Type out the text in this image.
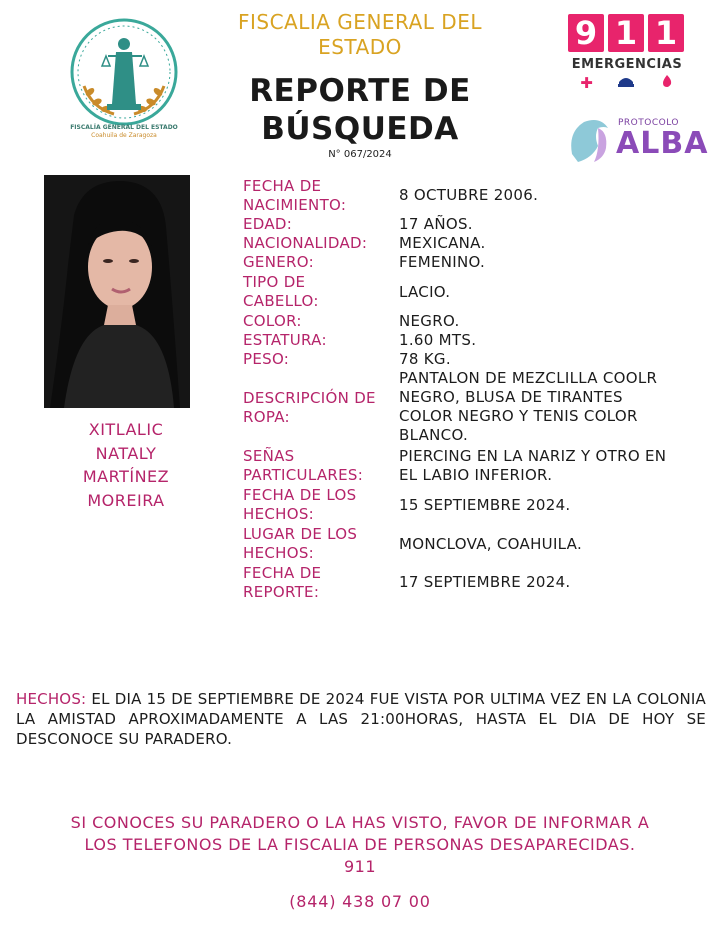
FISCALÍA GENERAL DEL ESTADO
Coahuila de Zaragoza
FISCALIA GENERAL DEL
ESTADO
REPORTE DE
BÚSQUEDA
N° 067/2024
9 1 1
EMERGENCIAS
✚
PROTOCOLO
ALBA
XITLALIC
NATALY
MARTÍNEZ
MOREIRA
FECHA DE
NACIMIENTO:
8 OCTUBRE 2006.
EDAD:	17 AÑOS.
NACIONALIDAD:	MEXICANA.
GENERO:	FEMENINO.
TIPO DE
CABELLO:	LACIO.
COLOR:	NEGRO.
ESTATURA:	1.60 MTS.
PESO:	78 KG.
DESCRIPCIÓN DE
ROPA:
PANTALON DE MEZCLILLA COOLR
NEGRO, BLUSA DE TIRANTES
COLOR NEGRO Y TENIS COLOR
BLANCO.
SEÑAS
PARTICULARES:
PIERCING EN LA NARIZ Y OTRO EN
EL LABIO INFERIOR.
FECHA DE LOS
HECHOS:	15 SEPTIEMBRE 2024.
LUGAR DE LOS
HECHOS:	MONCLOVA, COAHUILA.
FECHA DE
REPORTE:
17 SEPTIEMBRE 2024.
HECHOS: EL DIA 15 DE SEPTIEMBRE DE 2024 FUE VISTA POR ULTIMA VEZ EN LA COLONIA LA AMISTAD APROXIMADAMENTE A LAS 21:00HORAS, HASTA EL DIA DE HOY SE DESCONOCE SU PARADERO.
SI CONOCES SU PARADERO O LA HAS VISTO, FAVOR DE INFORMAR A
LOS TELEFONOS DE LA FISCALIA DE PERSONAS DESAPARECIDAS.
911
(844) 438 07 00
